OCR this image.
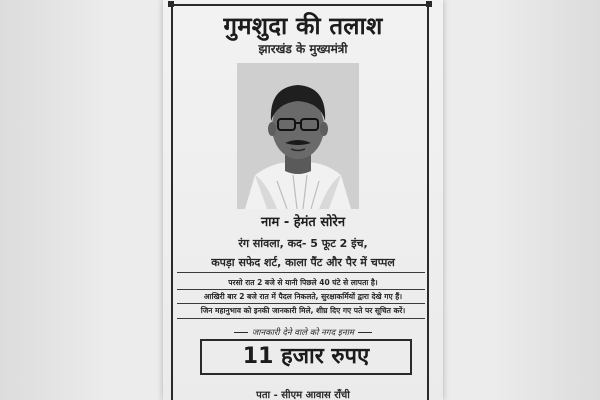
गुमशुदा की तलाश
झारखंड के मुख्यमंत्री
नाम - हेमंत सोरेन
रंग सांवला, कद- 5 फूट 2 इंच,
कपड़ा सफेद शर्ट, काला पैंट और पैर में चप्पल
परसो रात 2 बजे से यानी पिछले 40 घंटे से लापता है।
आखिरी बार 2 बजे रात में पैदल निकलते, सुरक्षाकर्मियों द्वारा देखे गए हैं।
जिन महानुभाव को इनकी जानकारी मिले, शीघ्र दिए गए पते पर सूचित करें।
जानकारी देने वाले को नगद इनाम
11 हजार रुपए
पता - सीएम आवास राँची
